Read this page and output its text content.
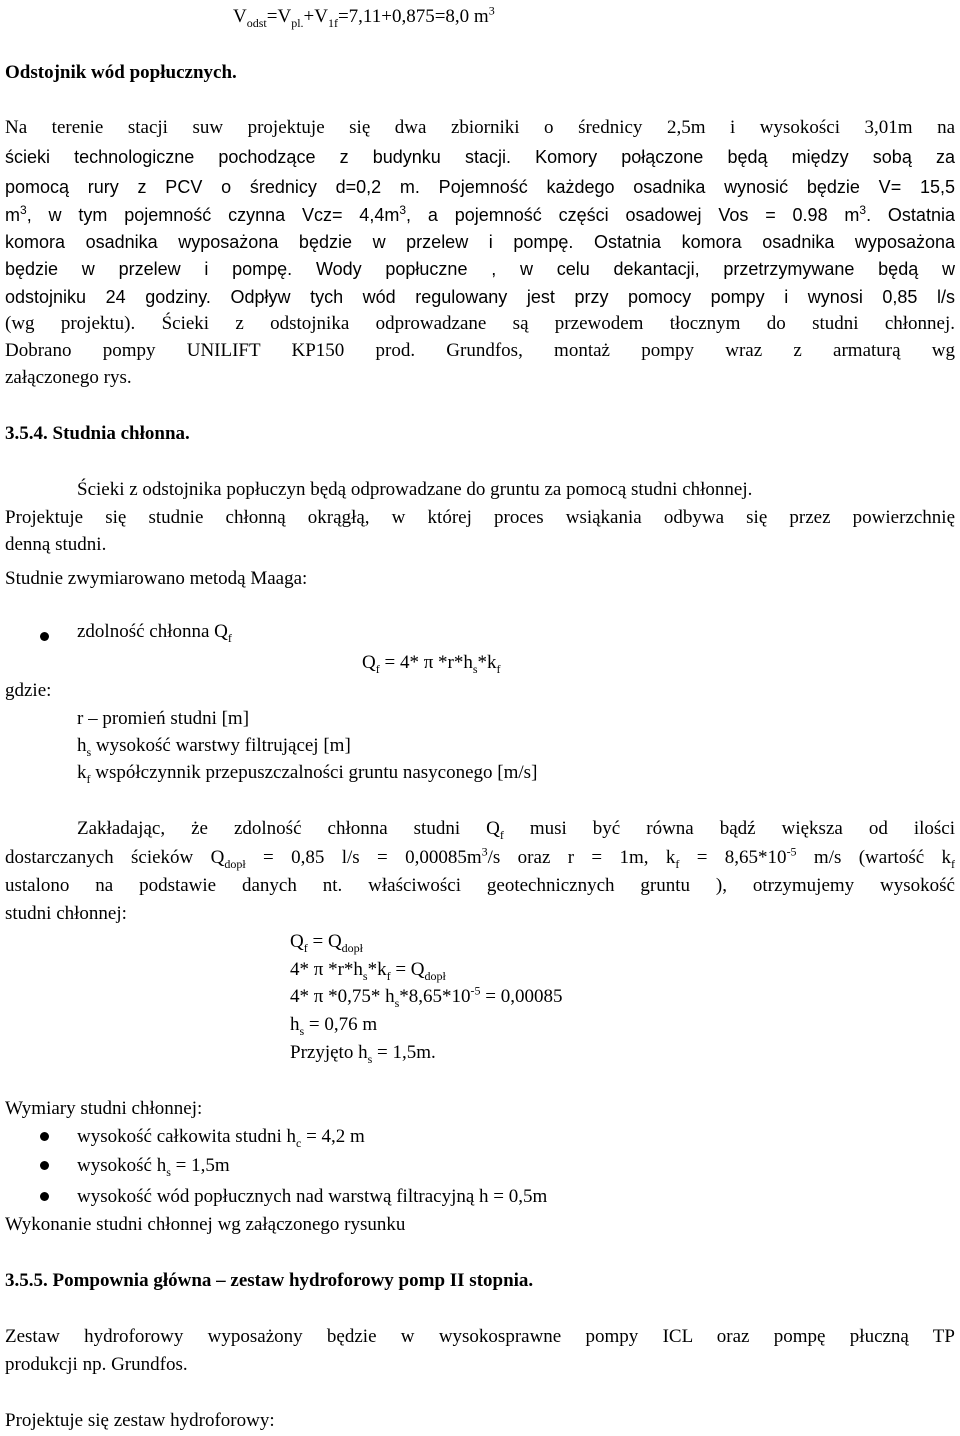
$V_{odst}=V_{pl.}+V_{1f}=7,11+0,875=8,0$ $m^3$
Odstojnik wód popłucznych.
Na terenie stacji suw projektuje się dwa zbiorniki o średnicy 2,5m i wysokości 3,01m na
ścieki technologiczne pochodzące z budynku stacji. Komory połączone będą między sobą za
pomocą rury z PCV o średnicy d=0,2 m. Pojemność każdego osadnika wynosić będzie V= 15,5
$m^3$, w tym pojemność czynna $Vcz= 4,4m^3$, a pojemność części osadowej Vos = 0.98 $m^3$. Ostatnia
komora osadnika wyposażona będzie w przelew i pompę. Ostatnia komora osadnika wyposażona
będzie w przelew i pompę. Wody popłuczne , w celu dekantacji, przetrzymywane będą w
odstojniku 24 godziny. Odpływ tych wód regulowany jest przy pomocy pompy i wynosi 0,85 l/s
(wg projektu). Ścieki z odstojnika odprowadzane są przewodem tłocznym do studni chłonnej.
Dobrano pompy UNILIFT KP150 prod. Grundfos, montaż pompy wraz z armaturą wg
załączonego rys.
3.5.4. Studnia chłonna.
Ścieki z odstojnika popłuczyn będą odprowadzane do gruntu za pomocą studni chłonnej.
Projektuje się studnie chłonną okrągłą, w której proces wsiąkania odbywa się przez powierzchnię
denną studni.
Studnie zwymiarowano metodą Maaga:
zdolność chłonna $Q_f$
$Q_f = 4*$ π $*r*h_s*k_f$
gdzie:
r – promień studni [m]
$h_s$ wysokość warstwy filtrującej [m]
$k_f$ współczynnik przepuszczalności gruntu nasyconego [m/s]
Zakładając, że zdolność chłonna studni $Q_f$ musi być równa bądź większa od ilości
dostarczanych ścieków $Q_{dopł} = 0,85$ $l/s = 0,00085m^3/s$ oraz r = 1m, $k_f = 8,65*10^{-5}$ m/s (wartość $k_f$
ustalono na podstawie danych nt. właściwości geotechnicznych gruntu ), otrzymujemy wysokość
studni chłonnej:
$Q_f = Q_{dopł}$
4* π $*r*h_s*k_f = Q_{dopł}$
4* π *0,75* $h_s*8,65*10^{-5} = 0,00085$
$h_s = 0,76$ m
Przyjęto $h_s = 1,5m$.
Wymiary studni chłonnej:
wysokość całkowita studni $h_c = 4,2$ m
wysokość $h_s = 1,5m$
wysokość wód popłucznych nad warstwą filtracyjną h = 0,5m
Wykonanie studni chłonnej wg załączonego rysunku
3.5.5. Pompownia główna – zestaw hydroforowy pomp II stopnia.
Zestaw hydroforowy wyposażony będzie w wysokosprawne pompy ICL oraz pompę płuczną TP
produkcji np. Grundfos.
Projektuje się zestaw hydroforowy:
